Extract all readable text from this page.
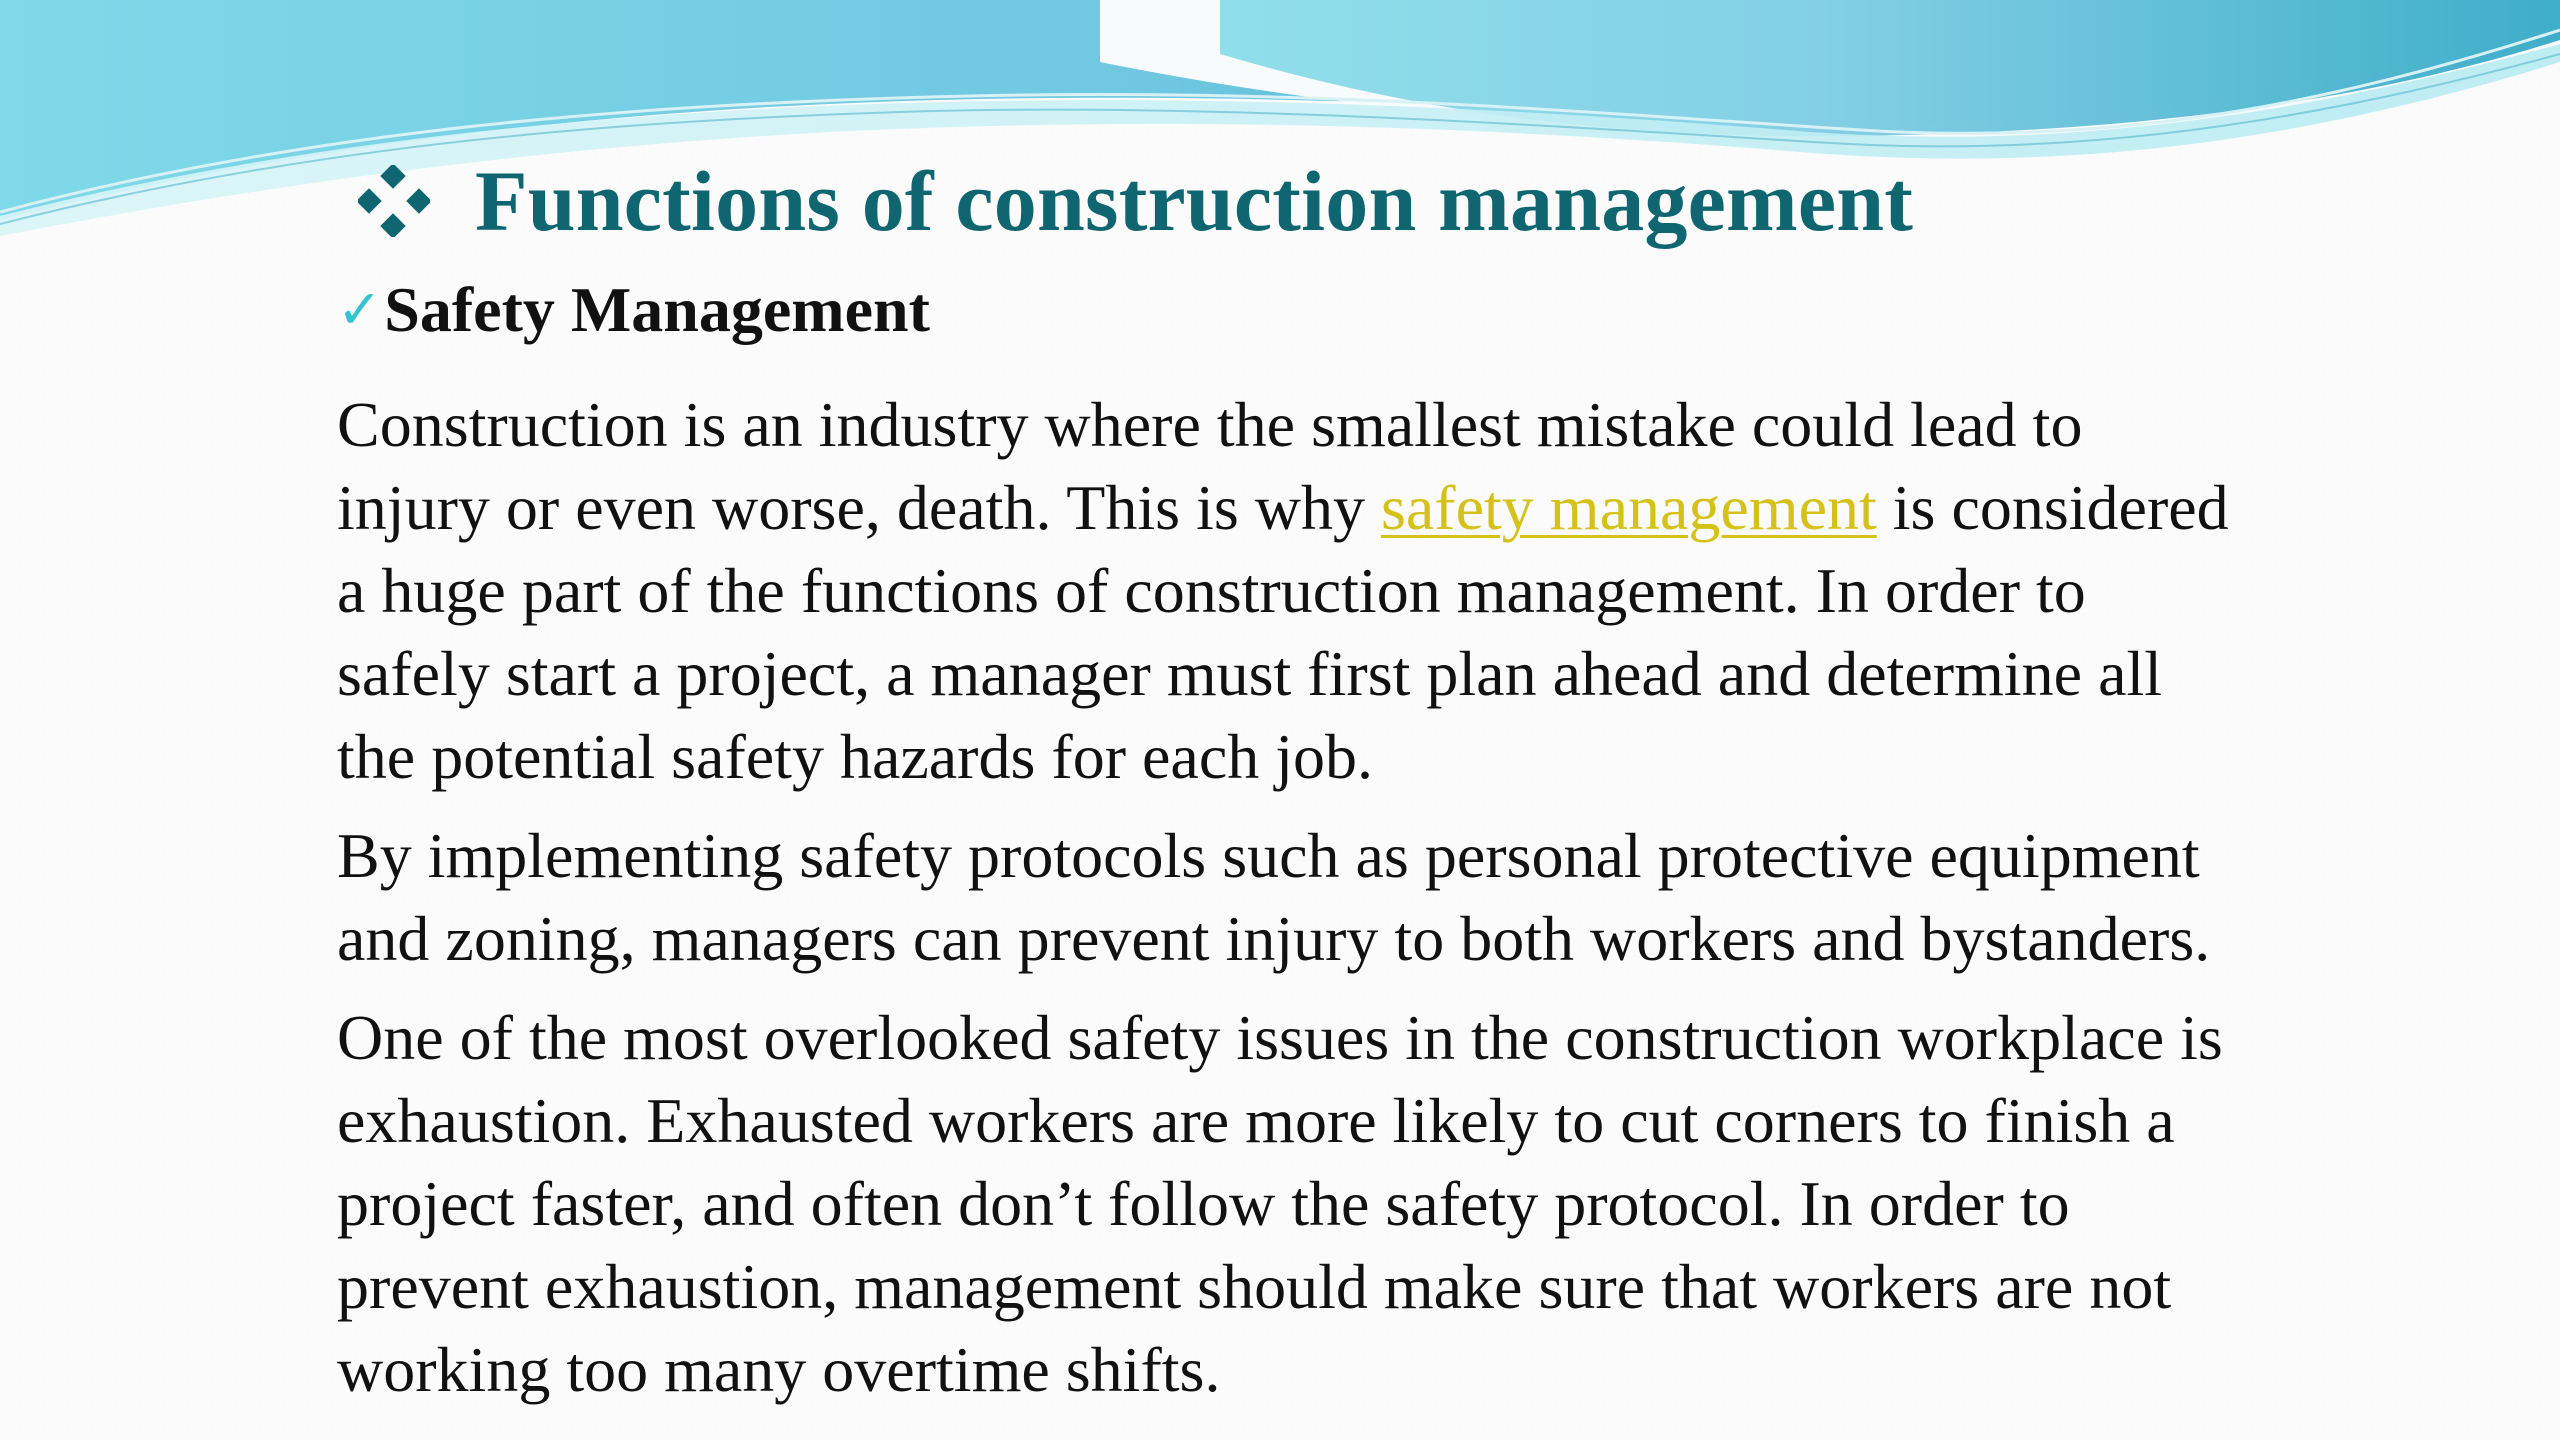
Functions of construction management
✓ Safety Management
Construction is an industry where the smallest mistake could lead to
injury or even worse, death. This is why safety management is considered
a huge part of the functions of construction management. In order to
safely start a project, a manager must first plan ahead and determine all
the potential safety hazards for each job.
By implementing safety protocols such as personal protective equipment
and zoning, managers can prevent injury to both workers and bystanders.
One of the most overlooked safety issues in the construction workplace is
exhaustion. Exhausted workers are more likely to cut corners to finish a
project faster, and often don’t follow the safety protocol. In order to
prevent exhaustion, management should make sure that workers are not
working too many overtime shifts.
